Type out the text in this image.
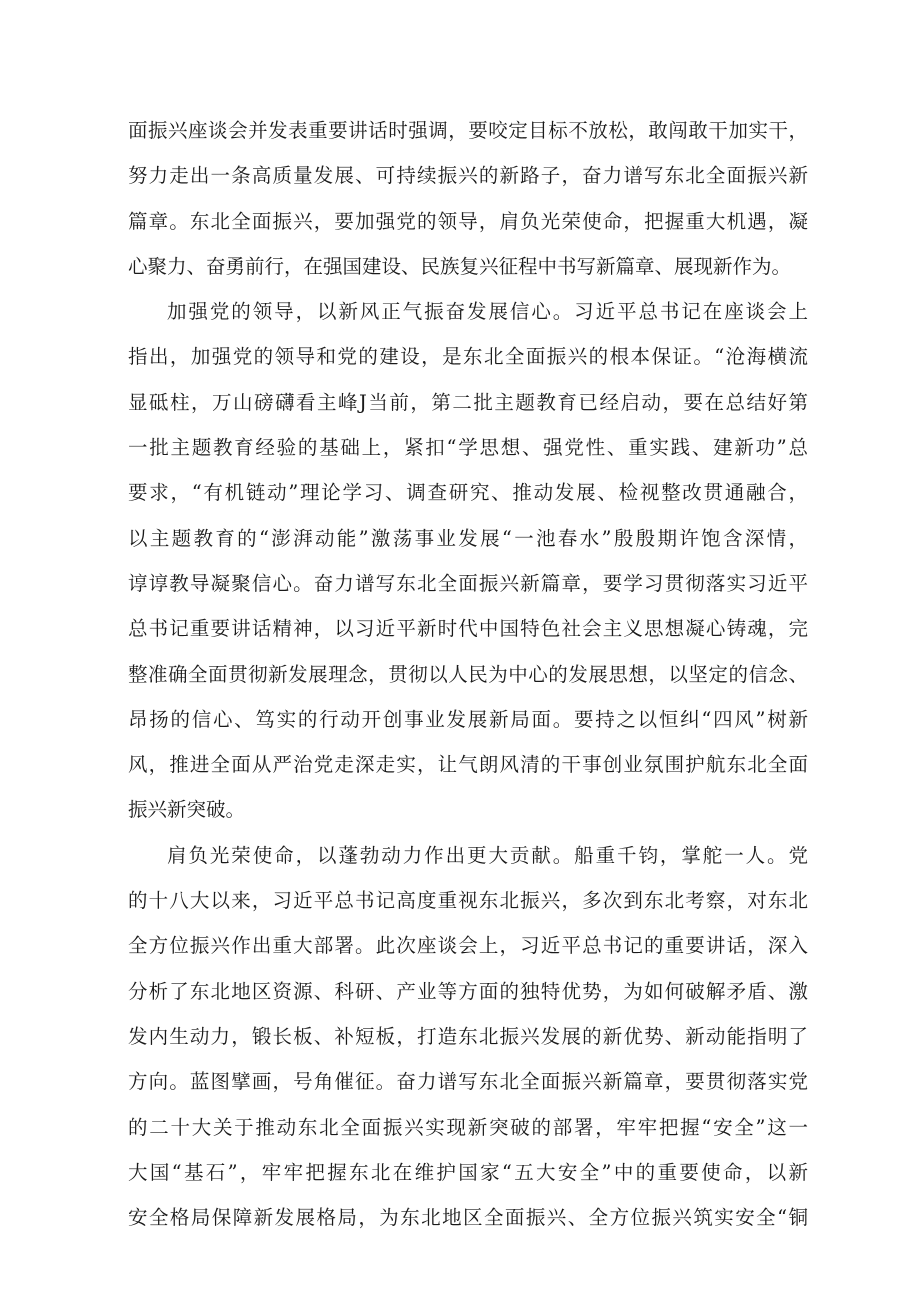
面振兴座谈会并发表重要讲话时强调，要咬定目标不放松，敢闯敢干加实干，
努力走出一条高质量发展、可持续振兴的新路子，奋力谱写东北全面振兴新
篇章。东北全面振兴，要加强党的领导，肩负光荣使命，把握重大机遇，凝
心聚力、奋勇前行，在强国建设、民族复兴征程中书写新篇章、展现新作为。
加强党的领导，以新风正气振奋发展信心。习近平总书记在座谈会上
指出，加强党的领导和党的建设，是东北全面振兴的根本保证。“沧海横流
显砥柱，万山磅礴看主峰J当前，第二批主题教育已经启动，要在总结好第
一批主题教育经验的基础上，紧扣“学思想、强党性、重实践、建新功”总
要求，“有机链动”理论学习、调查研究、推动发展、检视整改贯通融合，
以主题教育的“澎湃动能”激荡事业发展“一池春水”殷殷期许饱含深情，
谆谆教导凝聚信心。奋力谱写东北全面振兴新篇章，要学习贯彻落实习近平
总书记重要讲话精神，以习近平新时代中国特色社会主义思想凝心铸魂，完
整准确全面贯彻新发展理念，贯彻以人民为中心的发展思想，以坚定的信念、
昂扬的信心、笃实的行动开创事业发展新局面。要持之以恒纠“四风”树新
风，推进全面从严治党走深走实，让气朗风清的干事创业氛围护航东北全面
振兴新突破。
肩负光荣使命，以蓬勃动力作出更大贡献。船重千钧，掌舵一人。党
的十八大以来，习近平总书记高度重视东北振兴，多次到东北考察，对东北
全方位振兴作出重大部署。此次座谈会上，习近平总书记的重要讲话，深入
分析了东北地区资源、科研、产业等方面的独特优势，为如何破解矛盾、激
发内生动力，锻长板、补短板，打造东北振兴发展的新优势、新动能指明了
方向。蓝图擘画，号角催征。奋力谱写东北全面振兴新篇章，要贯彻落实党
的二十大关于推动东北全面振兴实现新突破的部署，牢牢把握“安全”这一
大国“基石”，牢牢把握东北在维护国家“五大安全”中的重要使命，以新
安全格局保障新发展格局，为东北地区全面振兴、全方位振兴筑实安全“铜
